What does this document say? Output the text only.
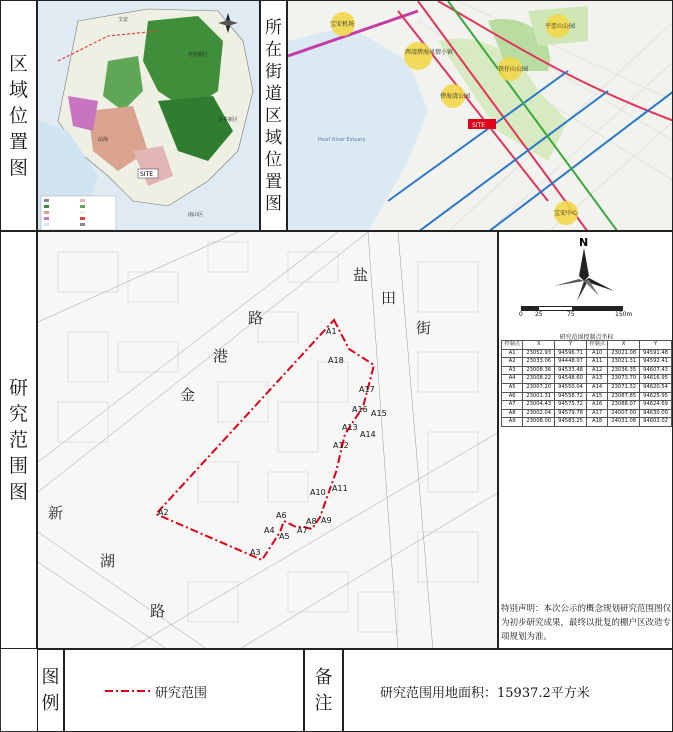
区
域
位
置
图
研
究
范
围
图
SITE
光明新区
龙华新区
南山区
前海
宝安	所
在
街
道
区
域
位
置
图
SITE
宝安机场
西湾碧海风情小镇
铁仔山公园
平峦山公园
碧海湾公园
宝安中心
Pearl River Estuary
A1
A2
A3
A4
A5
A6
A7
A8 A9
A10 A11
A12
A13
A14
A15
A16
A17
A18
盐
田
街
金
港
路
新
湖
路
N
0 25	75	150m
研究范围控制点坐标
控制点	X	Y	控制点	X	Y
A1	23052.93	94596.71	A10	23021.08	94591.48
A2	23033.06	94448.07	A11	23021.31	94592.41
A3	23008.36	94533.48	A12	23036.35	94607.43
A4	23008.22	94548.60	A13	23073.70	94616.95
A5	23007.20	94550.04	A14	23071.32	94620.54
A6	23001.31	94558.72	A15	23087.85	94625.95
A7	23004.43	94575.72	A16	23088.07	94624.69
A8	23002.04	94579.78	A17	24007.00	94630.00
A9	23008.00	94583.25	A18	24031.08	94603.02
特别声明：本次公示的概念规划研究范围图仅为初步研究成果，最终以批复的棚户区改造专项规划为准。
图
例	研究范围
备
注	研究范围用地面积：15937.2平方米
